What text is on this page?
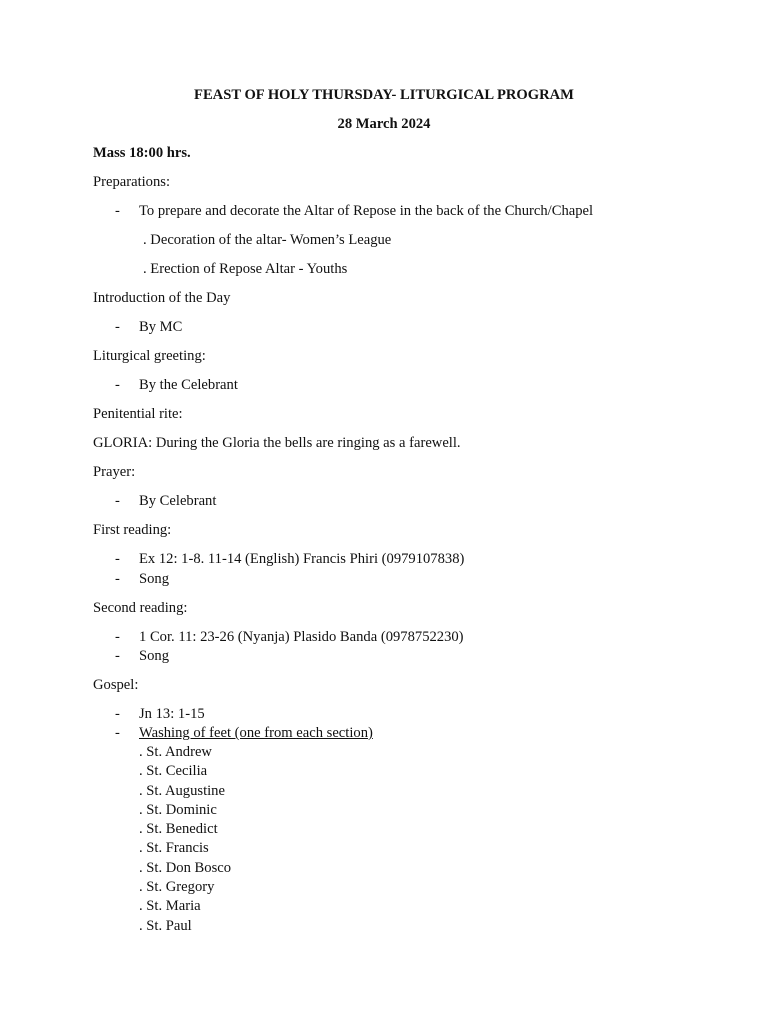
FEAST OF HOLY THURSDAY- LITURGICAL PROGRAM
28 March 2024
Mass 18:00 hrs.
Preparations:
- To prepare and decorate the Altar of Repose in the back of the Church/Chapel
. Decoration of the altar- Women’s League
. Erection of Repose Altar - Youths
Introduction of the Day
- By MC
Liturgical greeting:
- By the Celebrant
Penitential rite:
GLORIA: During the Gloria the bells are ringing as a farewell.
Prayer:
- By Celebrant
First reading:
- Ex 12: 1-8. 11-14 (English) Francis Phiri (0979107838)
- Song
Second reading:
- 1 Cor. 11: 23-26 (Nyanja) Plasido Banda (0978752230)
- Song
Gospel:
- Jn 13: 1-15
- Washing of feet (one from each section)
. St. Andrew
. St. Cecilia
. St. Augustine
. St. Dominic
. St. Benedict
. St. Francis
. St. Don Bosco
. St. Gregory
. St. Maria
. St. Paul
